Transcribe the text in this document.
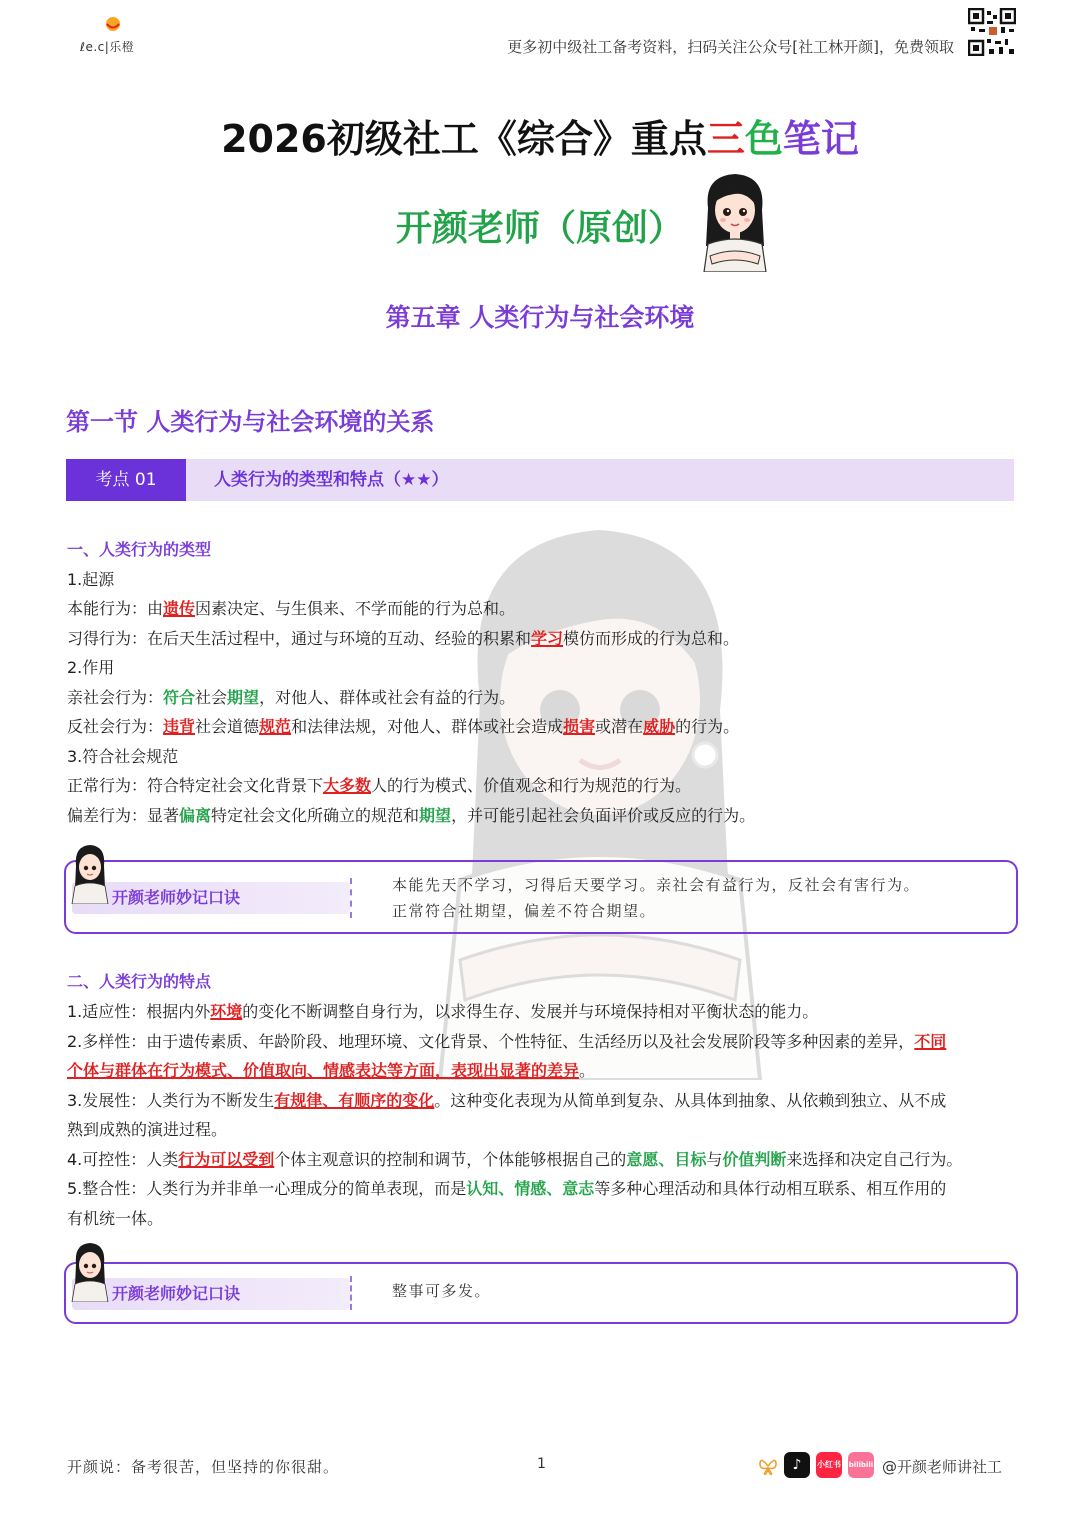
ℓe.c|乐橙	更多初中级社工备考资料，扫码关注公众号[社工林开颜]，免费领取
2026初级社工《综合》重点三色笔记
开颜老师（原创）
第五章 人类行为与社会环境
第一节 人类行为与社会环境的关系
考点 01	人类行为的类型和特点（★★）
一、人类行为的类型
1.起源
本能行为：由遗传因素决定、与生俱来、不学而能的行为总和。
习得行为：在后天生活过程中，通过与环境的互动、经验的积累和学习模仿而形成的行为总和。
2.作用
亲社会行为：符合社会期望，对他人、群体或社会有益的行为。
反社会行为：违背社会道德规范和法律法规，对他人、群体或社会造成损害或潜在威胁的行为。
3.符合社会规范
正常行为：符合特定社会文化背景下大多数人的行为模式、价值观念和行为规范的行为。
偏差行为：显著偏离特定社会文化所确立的规范和期望，并可能引起社会负面评价或反应的行为。
开颜老师妙记口诀
本能先天不学习，习得后天要学习。亲社会有益行为，反社会有害行为。
正常符合社期望，偏差不符合期望。
二、人类行为的特点
1.适应性：根据内外环境的变化不断调整自身行为，以求得生存、发展并与环境保持相对平衡状态的能力。
2.多样性：由于遗传素质、年龄阶段、地理环境、文化背景、个性特征、生活经历以及社会发展阶段等多种因素的差异，不同
个体与群体在行为模式、价值取向、情感表达等方面，表现出显著的差异。
3.发展性：人类行为不断发生有规律、有顺序的变化。这种变化表现为从简单到复杂、从具体到抽象、从依赖到独立、从不成
熟到成熟的演进过程。
4.可控性：人类行为可以受到个体主观意识的控制和调节，个体能够根据自己的意愿、目标与价值判断来选择和决定自己行为。
5.整合性：人类行为并非单一心理成分的简单表现，而是认知、情感、意志等多种心理活动和具体行动相互联系、相互作用的
有机统一体。
开颜老师妙记口诀	整事可多发。
开颜说：备考很苦，但坚持的你很甜。	1	♪	小红书 bilibili @开颜老师讲社工
